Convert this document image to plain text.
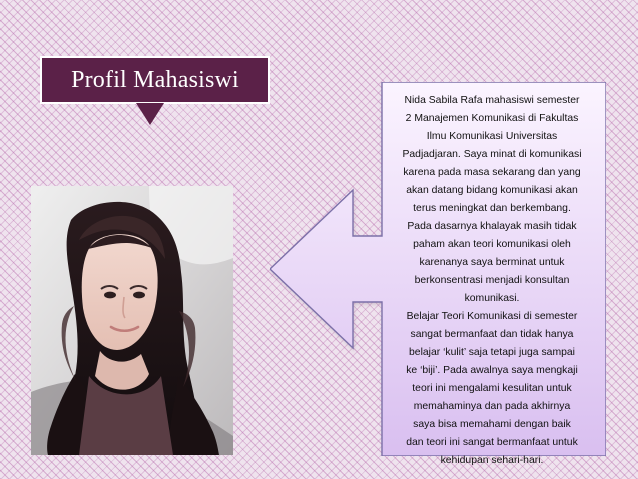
Profil Mahasiswi

Nida Sabila Rafa mahasiswi semester

2 Manajemen Komunikasi di Fakultas

Ilmu Komunikasi Universitas

Padjadjaran. Saya minat di komunikasi

karena pada masa sekarang dan yang

akan datang bidang komunikasi akan

terus meningkat dan berkembang.

Pada dasarnya khalayak masih tidak

paham akan teori komunikasi oleh

karenanya saya berminat untuk

berkonsentrasi menjadi konsultan

komunikasi.

Belajar Teori Komunikasi di semester

sangat bermanfaat dan tidak hanya

belajar ‘kulit’ saja tetapi juga sampai

ke ‘biji’. Pada awalnya saya mengkaji

teori ini mengalami kesulitan untuk

memahaminya dan pada akhirnya

saya bisa memahami dengan baik

dan teori ini sangat bermanfaat untuk

kehidupan sehari-hari.
